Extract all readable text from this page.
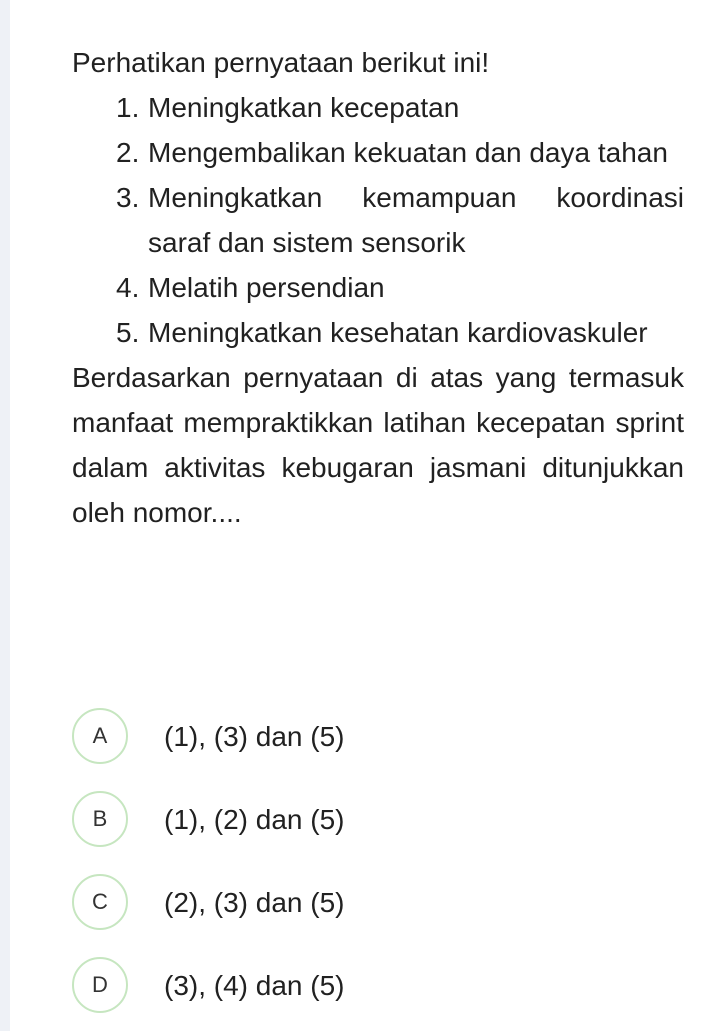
Perhatikan pernyataan berikut ini!

1. Meningkatkan kecepatan
2. Mengembalikan kekuatan dan daya tahan
3. Meningkatkan kemampuan koordinasi saraf dan sistem sensorik
4. Melatih persendian
5. Meningkatkan kesehatan kardiovaskuler

Berdasarkan pernyataan di atas yang termasuk manfaat mempraktikkan latihan kecepatan sprint dalam aktivitas kebugaran jasmani ditunjukkan oleh nomor....

A	(1), (3) dan (5)
B	(1), (2) dan (5)
C	(2), (3) dan (5)
D	(3), (4) dan (5)
